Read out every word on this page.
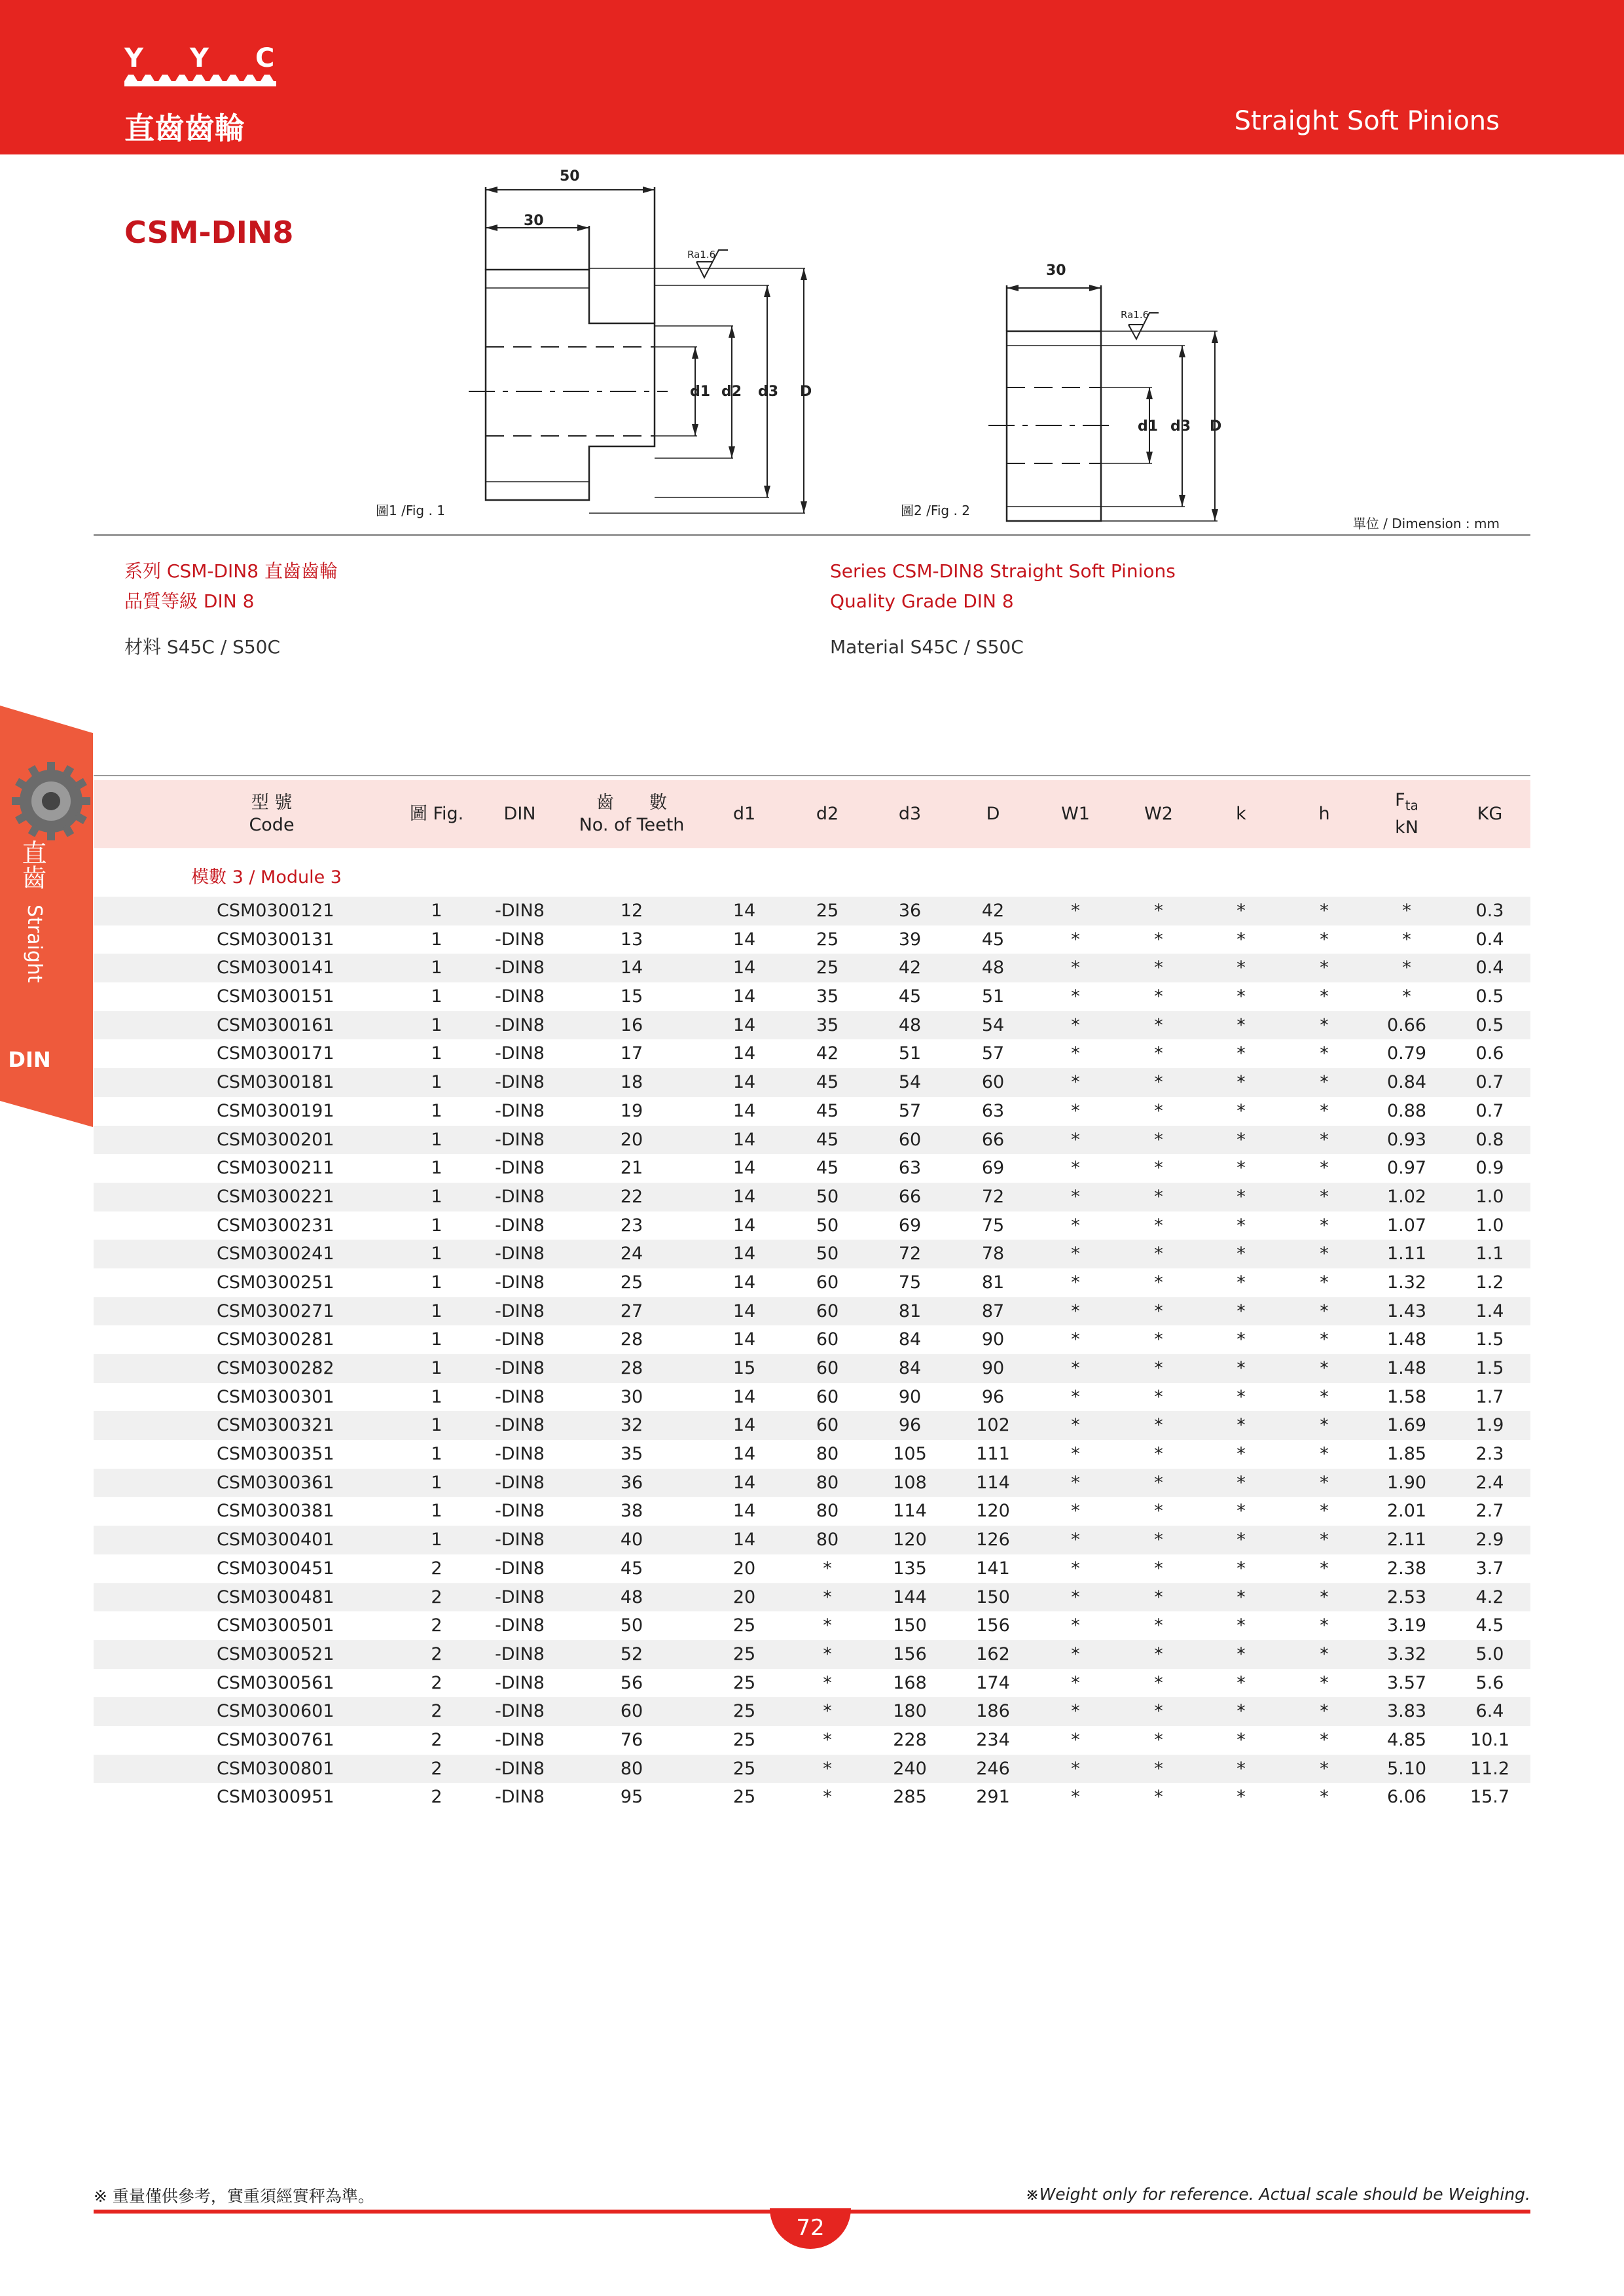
Y Y C
直齒齒輪	Straight Soft Pinions
CSM-DIN8
50
30
30
d1 d2 d3 D
d1 d3 D
Ra1.6
Ra1.6
圖1 /Fig . 1	圖2 /Fig . 2
單位 / Dimension : mm
系列 CSM-DIN8 直齒齒輪
品質等級 DIN 8
材料 S45C / S50C
Series CSM-DIN8 Straight Soft Pinions
Quality Grade DIN 8
Material S45C / S50C
直齒
Straight
DIN
型 號
Code
圖 Fig. DIN
齒　　數
No. of Teeth
d1	d2	d3	D	W1	W2	k	h
$F_{ta}$
kN
KG
模數 3 / Module 3
CSM0300121	1	-DIN8	12	14	25	36	42	*	*	*	*	*	0.3
CSM0300131	1	-DIN8	13	14	25	39	45	*	*	*	*	*	0.4
CSM0300141	1	-DIN8	14	14	25	42	48	*	*	*	*	*	0.4
CSM0300151	1	-DIN8	15	14	35	45	51	*	*	*	*	*	0.5
CSM0300161	1	-DIN8	16	14	35	48	54	*	*	*	*	0.66	0.5
CSM0300171	1	-DIN8	17	14	42	51	57	*	*	*	*	0.79	0.6
CSM0300181	1	-DIN8	18	14	45	54	60	*	*	*	*	0.84	0.7
CSM0300191	1	-DIN8	19	14	45	57	63	*	*	*	*	0.88	0.7
CSM0300201	1	-DIN8	20	14	45	60	66	*	*	*	*	0.93	0.8
CSM0300211	1	-DIN8	21	14	45	63	69	*	*	*	*	0.97	0.9
CSM0300221	1	-DIN8	22	14	50	66	72	*	*	*	*	1.02	1.0
CSM0300231	1	-DIN8	23	14	50	69	75	*	*	*	*	1.07	1.0
CSM0300241	1	-DIN8	24	14	50	72	78	*	*	*	*	1.11	1.1
CSM0300251	1	-DIN8	25	14	60	75	81	*	*	*	*	1.32	1.2
CSM0300271	1	-DIN8	27	14	60	81	87	*	*	*	*	1.43	1.4
CSM0300281	1	-DIN8	28	14	60	84	90	*	*	*	*	1.48	1.5
CSM0300282	1	-DIN8	28	15	60	84	90	*	*	*	*	1.48	1.5
CSM0300301	1	-DIN8	30	14	60	90	96	*	*	*	*	1.58	1.7
CSM0300321	1	-DIN8	32	14	60	96	102	*	*	*	*	1.69	1.9
CSM0300351	1	-DIN8	35	14	80	105	111	*	*	*	*	1.85	2.3
CSM0300361	1	-DIN8	36	14	80	108	114	*	*	*	*	1.90	2.4
CSM0300381	1	-DIN8	38	14	80	114	120	*	*	*	*	2.01	2.7
CSM0300401	1	-DIN8	40	14	80	120	126	*	*	*	*	2.11	2.9
CSM0300451	2	-DIN8	45	20	*	135	141	*	*	*	*	2.38	3.7
CSM0300481	2	-DIN8	48	20	*	144	150	*	*	*	*	2.53	4.2
CSM0300501	2	-DIN8	50	25	*	150	156	*	*	*	*	3.19	4.5
CSM0300521	2	-DIN8	52	25	*	156	162	*	*	*	*	3.32	5.0
CSM0300561	2	-DIN8	56	25	*	168	174	*	*	*	*	3.57	5.6
CSM0300601	2	-DIN8	60	25	*	180	186	*	*	*	*	3.83	6.4
CSM0300761	2	-DIN8	76	25	*	228	234	*	*	*	*	4.85 10.1
CSM0300801	2	-DIN8	80	25	*	240	246	*	*	*	*	5.10 11.2
CSM0300951	2	-DIN8	95	25	*	285	291	*	*	*	*	6.06 15.7
※ 重量僅供參考，實重須經實秤為準。	※Weight only for reference. Actual scale should be Weighing.
72
